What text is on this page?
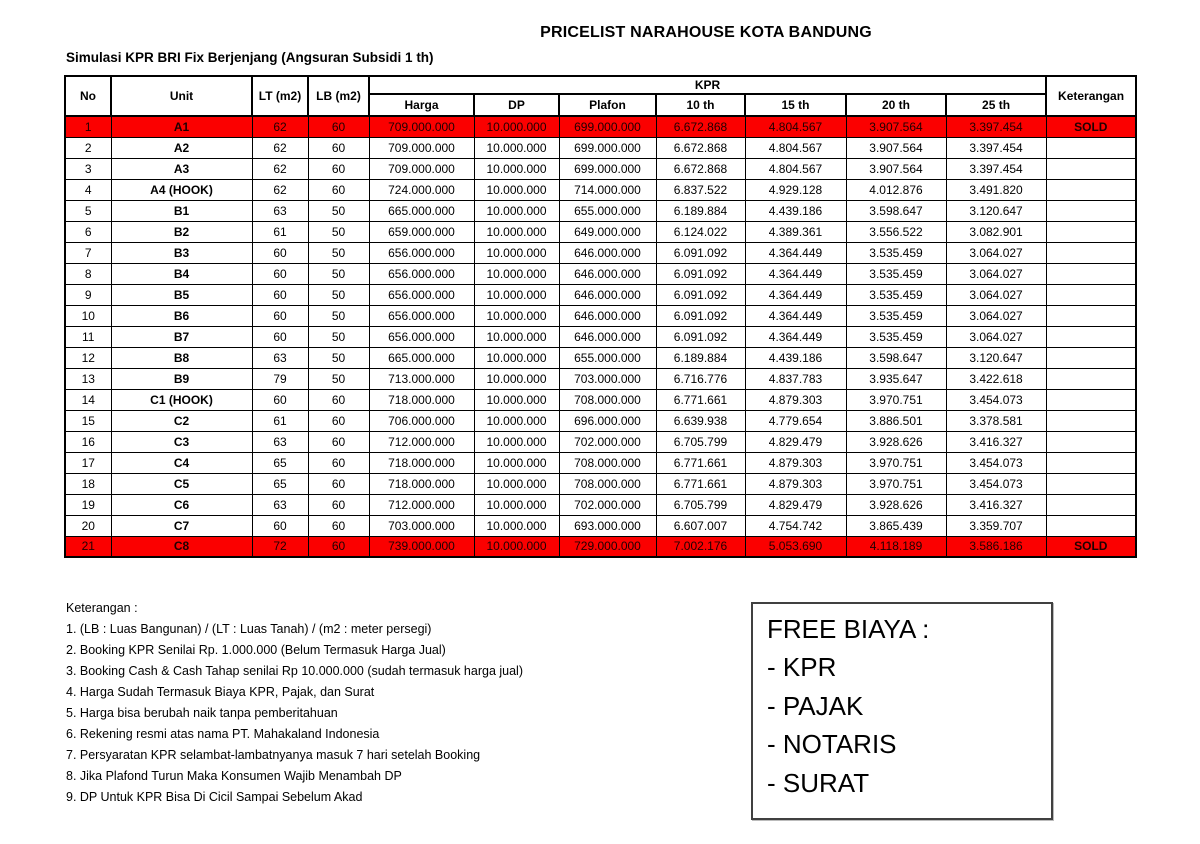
PRICELIST NARAHOUSE KOTA BANDUNG
Simulasi KPR BRI Fix Berjenjang (Angsuran Subsidi 1 th)
No	Unit	LT (m2)	LB (m2)	KPR							Keterangan
				Harga	DP	Plafon	10 th	15 th	20 th	25 th	
1	A1	62	60	709.000.000	10.000.000	699.000.000	6.672.868	4.804.567	3.907.564	3.397.454	SOLD
2	A2	62	60	709.000.000	10.000.000	699.000.000	6.672.868	4.804.567	3.907.564	3.397.454	
3	A3	62	60	709.000.000	10.000.000	699.000.000	6.672.868	4.804.567	3.907.564	3.397.454	
4	A4 (HOOK)	62	60	724.000.000	10.000.000	714.000.000	6.837.522	4.929.128	4.012.876	3.491.820	
5	B1	63	50	665.000.000	10.000.000	655.000.000	6.189.884	4.439.186	3.598.647	3.120.647	
6	B2	61	50	659.000.000	10.000.000	649.000.000	6.124.022	4.389.361	3.556.522	3.082.901	
7	B3	60	50	656.000.000	10.000.000	646.000.000	6.091.092	4.364.449	3.535.459	3.064.027	
8	B4	60	50	656.000.000	10.000.000	646.000.000	6.091.092	4.364.449	3.535.459	3.064.027	
9	B5	60	50	656.000.000	10.000.000	646.000.000	6.091.092	4.364.449	3.535.459	3.064.027	
10	B6	60	50	656.000.000	10.000.000	646.000.000	6.091.092	4.364.449	3.535.459	3.064.027	
11	B7	60	50	656.000.000	10.000.000	646.000.000	6.091.092	4.364.449	3.535.459	3.064.027	
12	B8	63	50	665.000.000	10.000.000	655.000.000	6.189.884	4.439.186	3.598.647	3.120.647	
13	B9	79	50	713.000.000	10.000.000	703.000.000	6.716.776	4.837.783	3.935.647	3.422.618	
14	C1 (HOOK)	60	60	718.000.000	10.000.000	708.000.000	6.771.661	4.879.303	3.970.751	3.454.073	
15	C2	61	60	706.000.000	10.000.000	696.000.000	6.639.938	4.779.654	3.886.501	3.378.581	
16	C3	63	60	712.000.000	10.000.000	702.000.000	6.705.799	4.829.479	3.928.626	3.416.327	
17	C4	65	60	718.000.000	10.000.000	708.000.000	6.771.661	4.879.303	3.970.751	3.454.073	
18	C5	65	60	718.000.000	10.000.000	708.000.000	6.771.661	4.879.303	3.970.751	3.454.073	
19	C6	63	60	712.000.000	10.000.000	702.000.000	6.705.799	4.829.479	3.928.626	3.416.327	
20	C7	60	60	703.000.000	10.000.000	693.000.000	6.607.007	4.754.742	3.865.439	3.359.707	
21	C8	72	60	739.000.000	10.000.000	729.000.000	7.002.176	5.053.690	4.118.189	3.586.186	SOLD
Keterangan :
1. (LB : Luas Bangunan) / (LT : Luas Tanah) / (m2 : meter persegi)
2. Booking KPR Senilai Rp. 1.000.000 (Belum Termasuk Harga Jual)
3. Booking Cash & Cash Tahap senilai Rp 10.000.000 (sudah termasuk harga jual)
4. Harga Sudah Termasuk Biaya KPR, Pajak, dan Surat
5. Harga bisa berubah naik tanpa pemberitahuan
6. Rekening resmi atas nama PT. Mahakaland Indonesia
7. Persyaratan KPR selambat-lambatnyanya masuk 7 hari setelah Booking
8. Jika Plafond Turun Maka Konsumen Wajib Menambah DP
9. DP Untuk KPR Bisa Di Cicil Sampai Sebelum Akad
FREE BIAYA :
- KPR
- PAJAK
- NOTARIS
- SURAT
